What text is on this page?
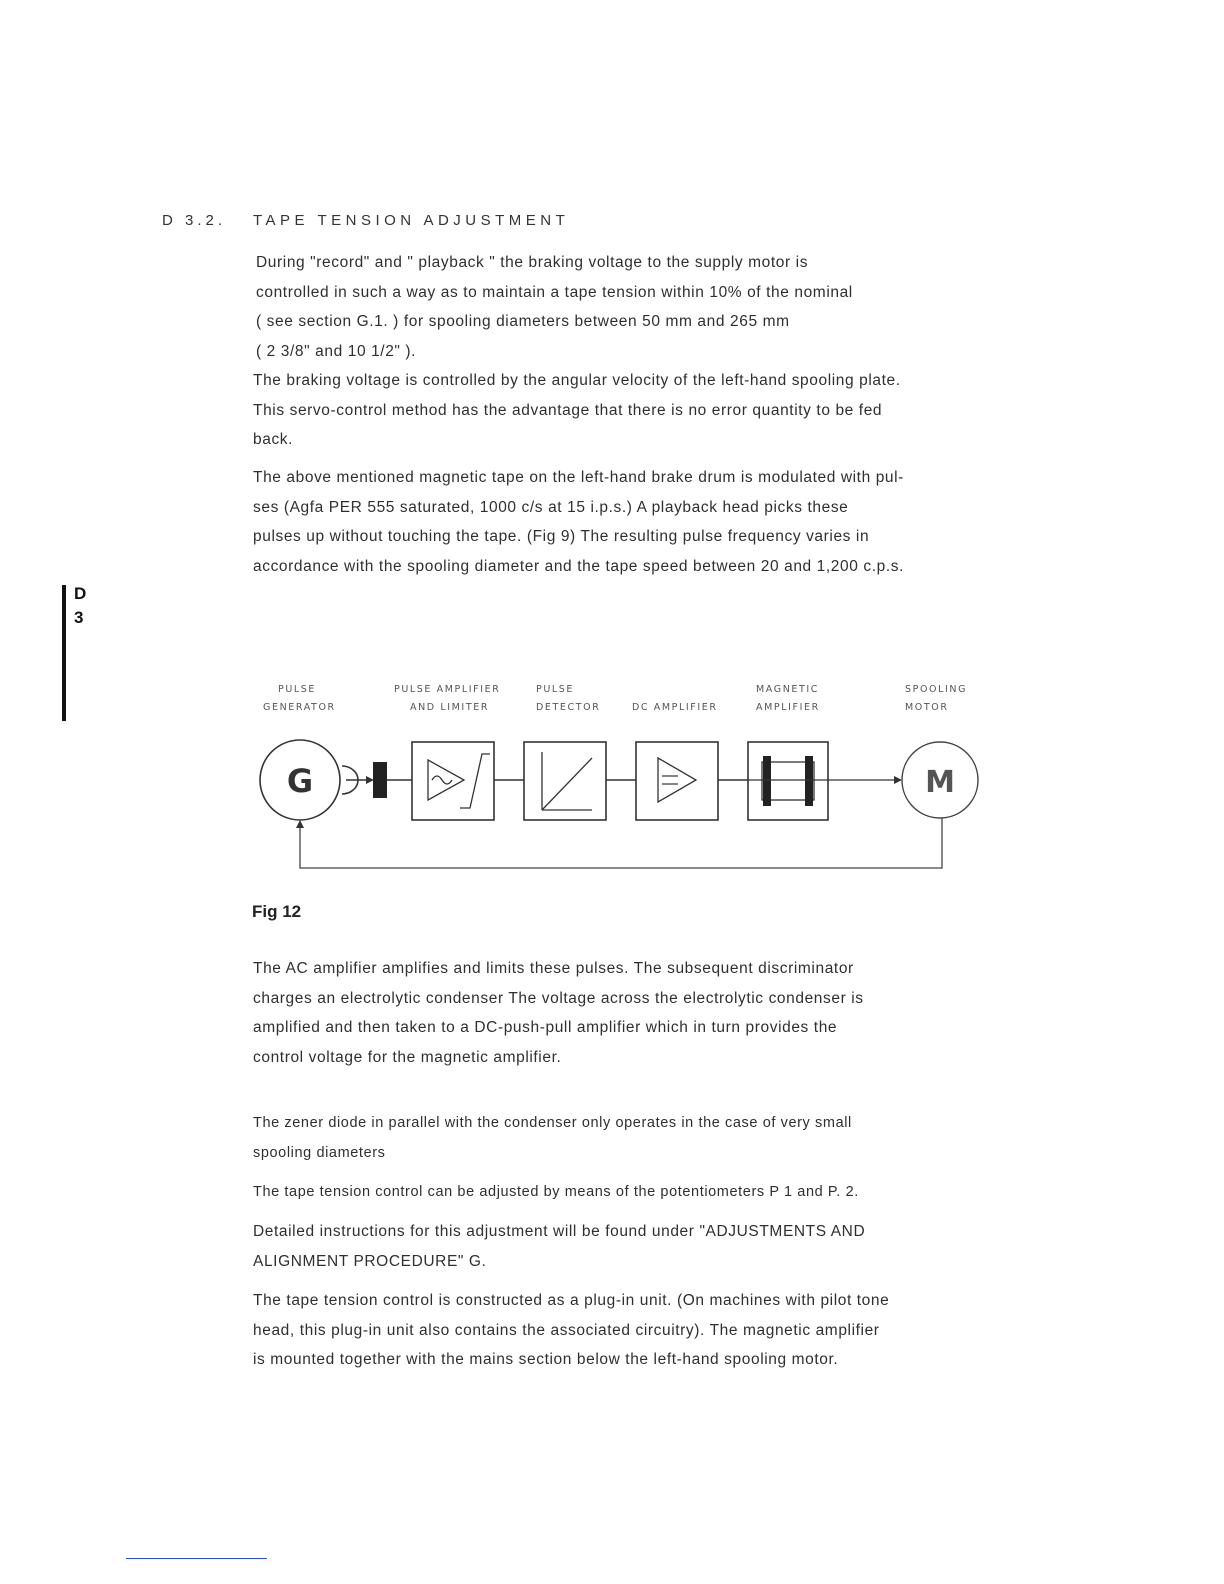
D 3.2. TAPE TENSION ADJUSTMENT
During "record" and " playback " the braking voltage to the supply motor is
controlled in such a way as to maintain a tape tension within 10% of the nominal
( see section G.1. ) for spooling diameters between 50 mm and 265 mm
( 2 3/8" and 10 1/2" ).
The braking voltage is controlled by the angular velocity of the left-hand spooling plate.
This servo-control method has the advantage that there is no error quantity to be fed
back.
The above mentioned magnetic tape on the left-hand brake drum is modulated with pul-
ses (Agfa PER 555 saturated, 1000 c/s at 15 i.p.s.) A playback head picks these
pulses up without touching the tape. (Fig 9) The resulting pulse frequency varies in
accordance with the spooling diameter and the tape speed between 20 and 1,200 c.p.s.
D
3
PULSE
GENERATOR
PULSE AMPLIFIER
AND LIMITER
PULSE
DETECTOR	DC AMPLIFIER
MAGNETIC
AMPLIFIER
SPOOLING
MOTOR
G	M
Fig 12
The AC amplifier amplifies and limits these pulses. The subsequent discriminator
charges an electrolytic condenser The voltage across the electrolytic condenser is
amplified and then taken to a DC-push-pull amplifier which in turn provides the
control voltage for the magnetic amplifier.
The zener diode in parallel with the condenser only operates in the case of very small
spooling diameters
The tape tension control can be adjusted by means of the potentiometers P 1 and P. 2.
Detailed instructions for this adjustment will be found under "ADJUSTMENTS AND
ALIGNMENT PROCEDURE" G.
The tape tension control is constructed as a plug-in unit. (On machines with pilot tone
head, this plug-in unit also contains the associated circuitry). The magnetic amplifier
is mounted together with the mains section below the left-hand spooling motor.
